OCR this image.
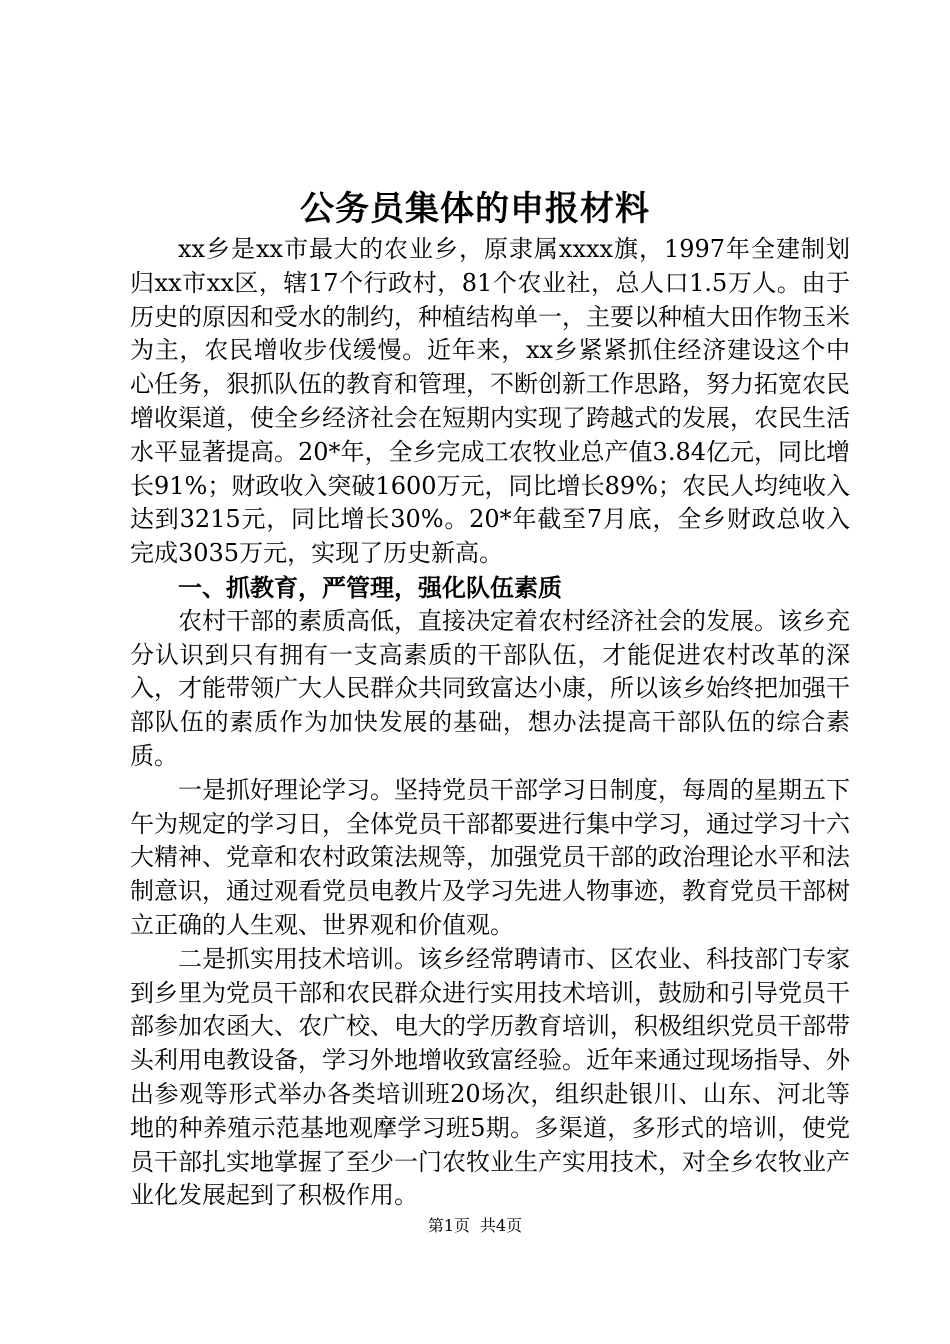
公务员集体的申报材料

xx乡是xx市最大的农业乡，原隶属xxxx旗，1997年全建制划归xx市xx区，辖17个行政村，81个农业社，总人口1.5万人。由于历史的原因和受水的制约，种植结构单一，主要以种植大田作物玉米为主，农民增收步伐缓慢。近年来，xx乡紧紧抓住经济建设这个中心任务，狠抓队伍的教育和管理，不断创新工作思路，努力拓宽农民增收渠道，使全乡经济社会在短期内实现了跨越式的发展，农民生活水平显著提高。20*年，全乡完成工农牧业总产值3.84亿元，同比增长91%；财政收入突破1600万元，同比增长89%；农民人均纯收入达到3215元，同比增长30%。20*年截至7月底，全乡财政总收入完成3035万元，实现了历史新高。

一、抓教育，严管理，强化队伍素质

农村干部的素质高低，直接决定着农村经济社会的发展。该乡充分认识到只有拥有一支高素质的干部队伍，才能促进农村改革的深入，才能带领广大人民群众共同致富达小康，所以该乡始终把加强干部队伍的素质作为加快发展的基础，想办法提高干部队伍的综合素质。

一是抓好理论学习。坚持党员干部学习日制度，每周的星期五下午为规定的学习日，全体党员干部都要进行集中学习，通过学习十六大精神、党章和农村政策法规等，加强党员干部的政治理论水平和法制意识，通过观看党员电教片及学习先进人物事迹，教育党员干部树立正确的人生观、世界观和价值观。

二是抓实用技术培训。该乡经常聘请市、区农业、科技部门专家到乡里为党员干部和农民群众进行实用技术培训，鼓励和引导党员干部参加农函大、农广校、电大的学历教育培训，积极组织党员干部带头利用电教设备，学习外地增收致富经验。近年来通过现场指导、外出参观等形式举办各类培训班20场次，组织赴银川、山东、河北等地的种养殖示范基地观摩学习班5期。多渠道，多形式的培训，使党员干部扎实地掌握了至少一门农牧业生产实用技术，对全乡农牧业产业化发展起到了积极作用。

第1页 共4页
